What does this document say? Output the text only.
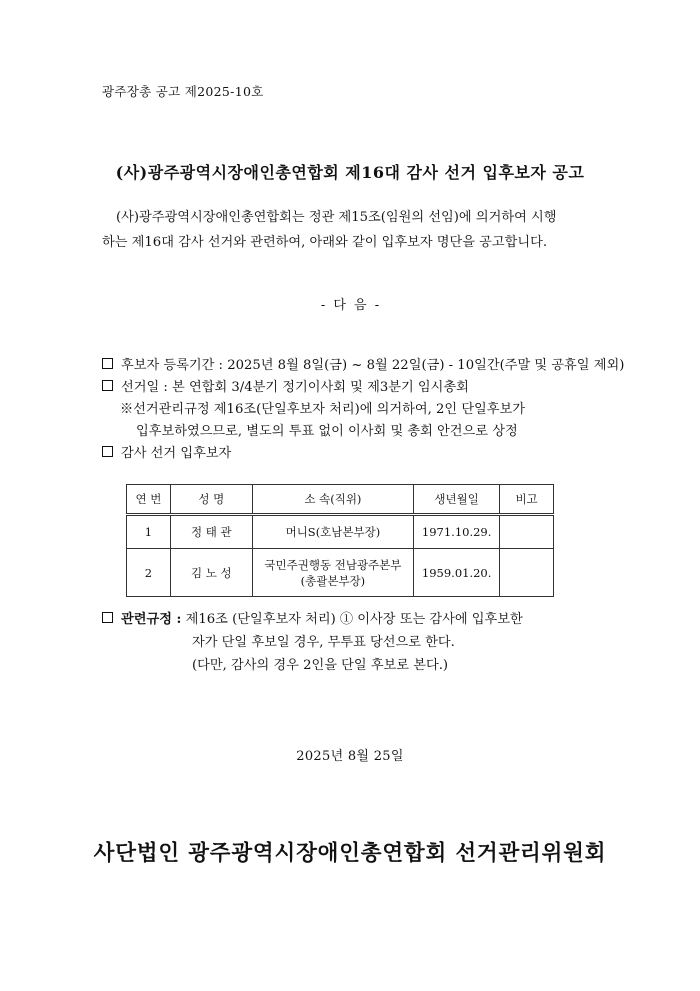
광주장총 공고 제2025-10호
(사)광주광역시장애인총연합회 제16대 감사 선거 입후보자 공고

(사)광주광역시장애인총연합회는 정관 제15조(임원의 선임)에 의거하여 시행

하는 제16대 감사 선거와 관련하여, 아래와 같이 입후보자 명단을 공고합니다.

- 다 음 -
후보자 등록기간 : 2025년 8월 8일(금) ~ 8월 22일(금) - 10일간(주말 및 공휴일 제외)
선거일 : 본 연합회 3/4분기 정기이사회 및 제3분기 임시총회
※선거관리규정 제16조(단일후보자 처리)에 의거하여, 2인 단일후보가
입후보하였으므로, 별도의 투표 없이 이사회 및 총회 안건으로 상정
감사 선거 입후보자
연 번	성 명	소 속(직위)	생년월일	비고
1	정 태 관	머니S(호남본부장)	1971.10.29.	
2	김 노 성	국민주권행동 전남광주본부
(총괄본부장)	1959.01.20.	
관련규정 : 제16조 (단일후보자 처리) ① 이사장 또는 감사에 입후보한
자가 단일 후보일 경우, 무투표 당선으로 한다.
(다만, 감사의 경우 2인을 단일 후보로 본다.)
2025년 8월 25일
사단법인 광주광역시장애인총연합회 선거관리위원회
